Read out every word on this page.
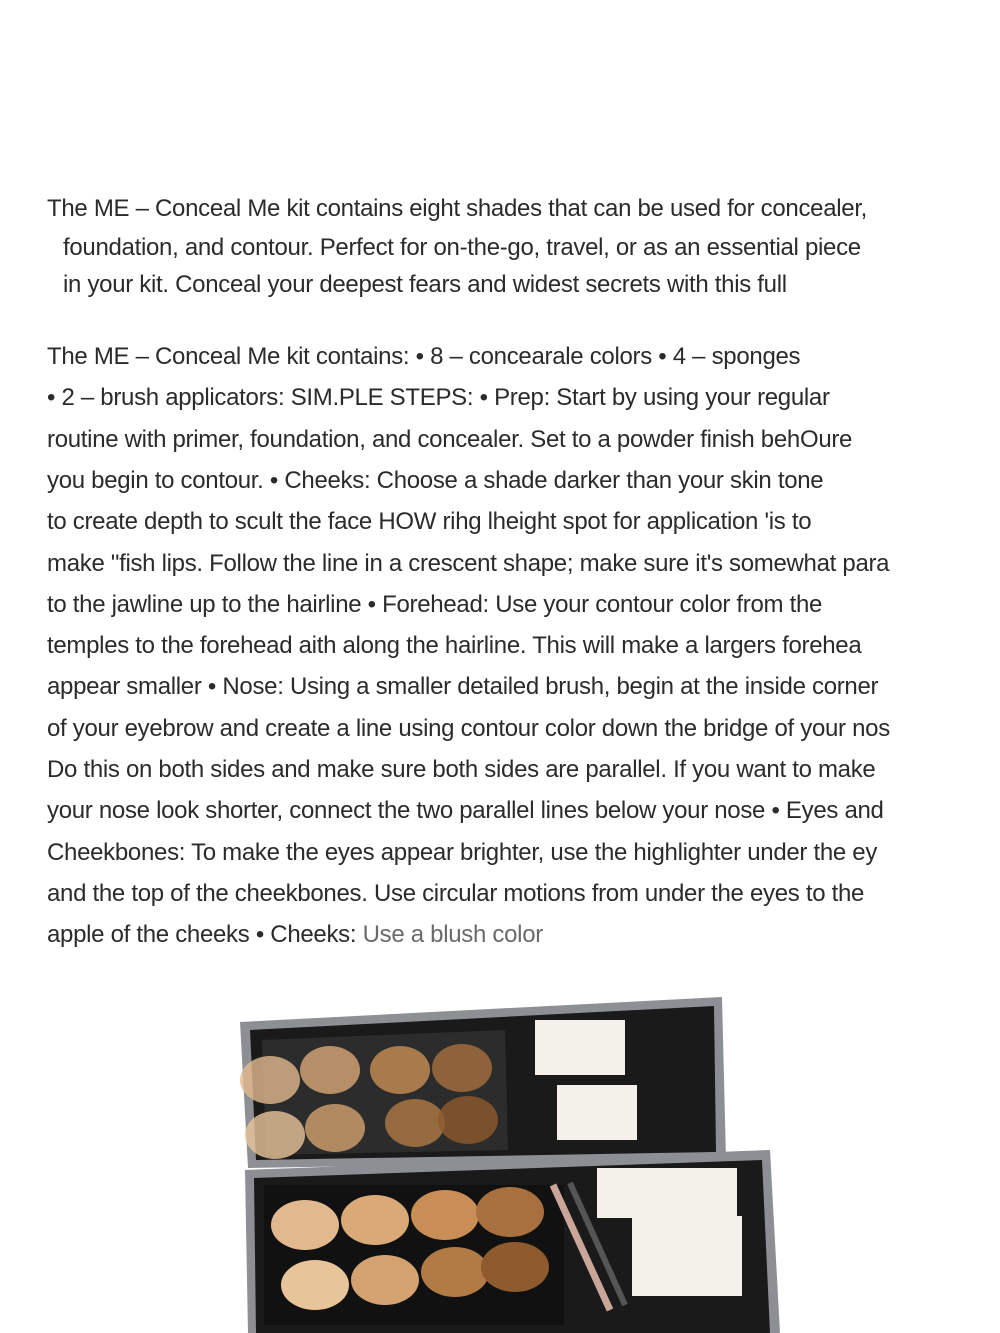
The ME – Conceal Me kit contains eight shades that can be used for concealer,
foundation, and contour. Perfect for on-the-go, travel, or as an essential piece
in your kit. Conceal your deepest fears and widest secrets with this full
The ME – Conceal Me kit contains: • 8 – concearale colors • 4 – sponges
• 2 – brush applicators: SIM.PLE STEPS: • Prep: Start by using your regular
routine with primer, foundation, and concealer. Set to a powder finish behOure
you begin to contour. • Cheeks: Choose a shade darker than your skin tone
to create depth to scult the face HOW rihg lheight spot for application 'is to
make "fish lips. Follow the line in a crescent shape; make sure it's somewhat para
to the jawline up to the hairline • Forehead: Use your contour color from the
temples to the forehead aith along the hairline. This will make a largers forehea
appear smaller • Nose: Using a smaller detailed brush, begin at the inside corner
of your eyebrow and create a line using contour color down the bridge of your nos
Do this on both sides and make sure both sides are parallel. If you want to make
your nose look shorter, connect the two parallel lines below your nose • Eyes and
Cheekbones: To make the eyes appear brighter, use the highlighter under the ey
and the top of the cheekbones. Use circular motions from under the eyes to the
apple of the cheeks • Cheeks: Use a blush color
